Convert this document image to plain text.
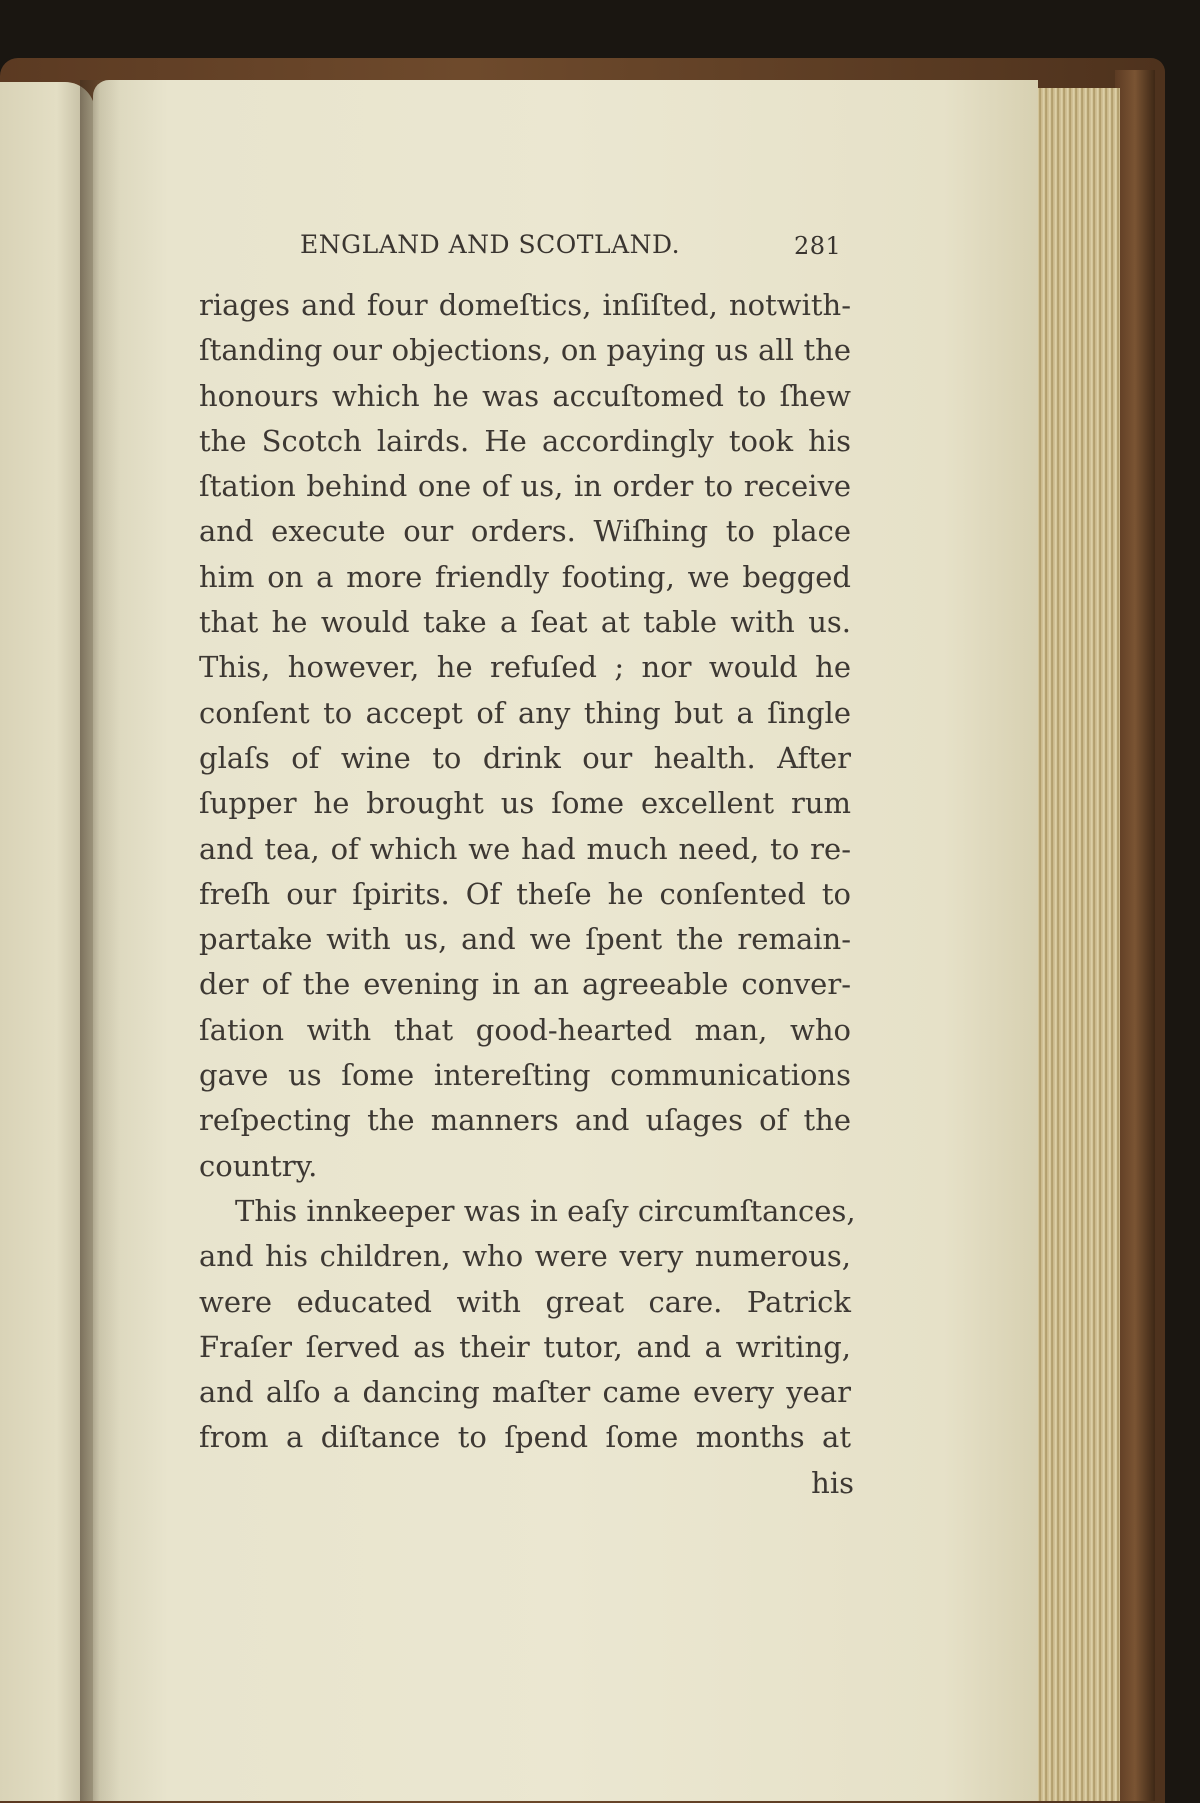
ENGLAND AND SCOTLAND.	281
riages and four domeſtics, inſiſted, notwith-
ſtanding our objections, on paying us all the
honours which he was accuſtomed to ſhew
the Scotch lairds. He accordingly took his
ſtation behind one of us, in order to receive
and execute our orders. Wiſhing to place
him on a more friendly footing, we begged
that he would take a ſeat at table with us.
This, however, he refuſed ; nor would he
conſent to accept of any thing but a ſingle
glaſs of wine to drink our health. After
ſupper he brought us ſome excellent rum
and tea, of which we had much need, to re-
freſh our ſpirits. Of theſe he conſented to
partake with us, and we ſpent the remain-
der of the evening in an agreeable conver-
ſation with that good-hearted man, who
gave us ſome intereſting communications
reſpecting the manners and uſages of the
country.
This innkeeper was in eaſy circumſtances,
and his children, who were very numerous,
were educated with great care. Patrick
Fraſer ſerved as their tutor, and a writing,
and alſo a dancing maſter came every year
from a diſtance to ſpend ſome months at
his
